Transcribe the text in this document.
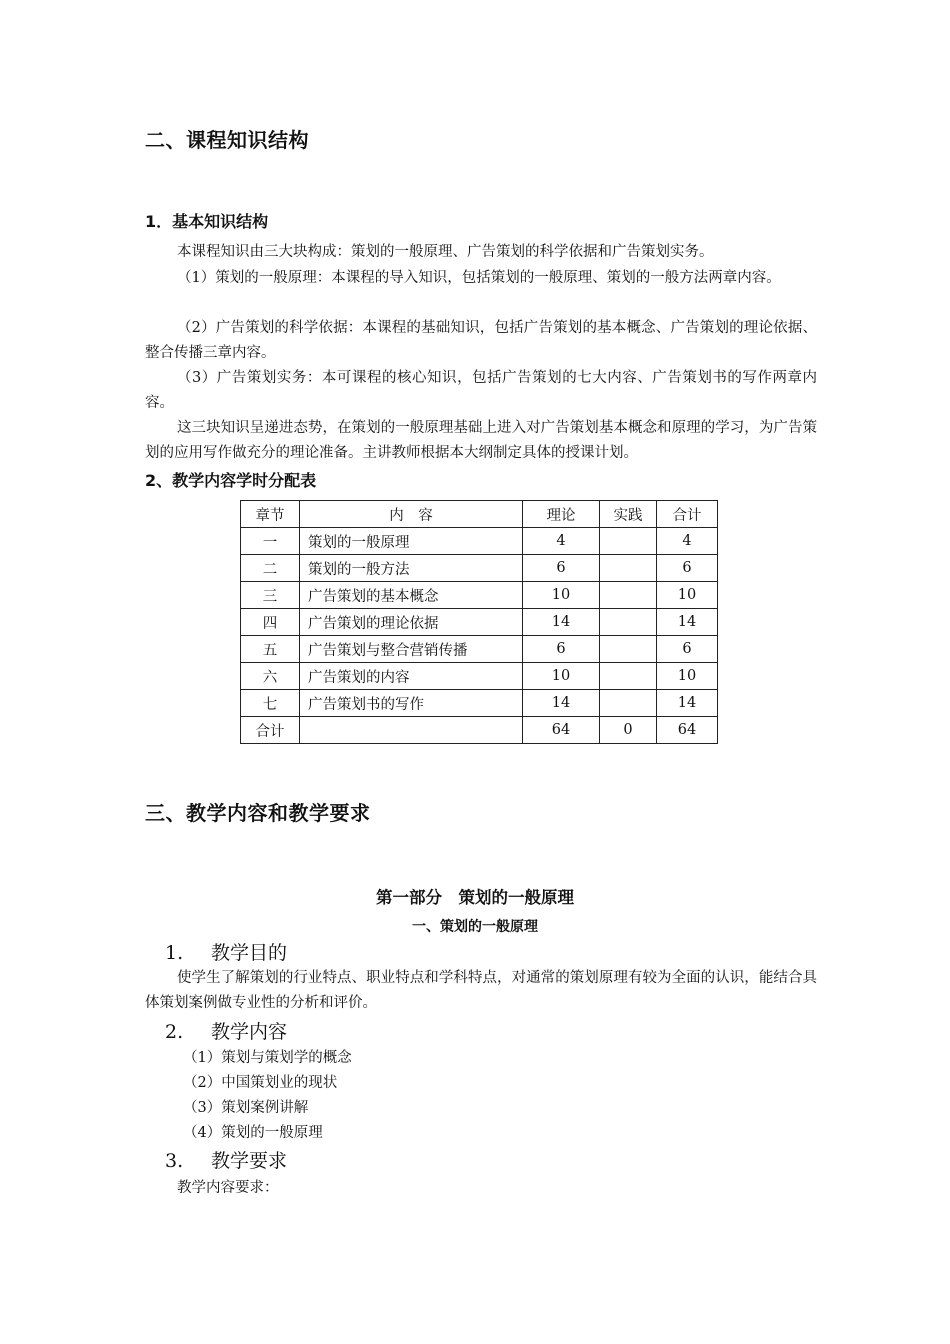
二、课程知识结构
1．基本知识结构

本课程知识由三大块构成：策划的一般原理、广告策划的科学依据和广告策划实务。

（1）策划的一般原理：本课程的导入知识，包括策划的一般原理、策划的一般方法两章内容。

（2）广告策划的科学依据：本课程的基础知识，包括广告策划的基本概念、广告策划的理论依据、整合传播三章内容。

（3）广告策划实务：本可课程的核心知识，包括广告策划的七大内容、广告策划书的写作两章内容。

这三块知识呈递进态势，在策划的一般原理基础上进入对广告策划基本概念和原理的学习，为广告策划的应用写作做充分的理论准备。主讲教师根据本大纲制定具体的授课计划。

2、教学内容学时分配表
章节	内　容	理论	实践	合计
一	策划的一般原理	4		4
二	策划的一般方法	6		6
三	广告策划的基本概念	10		10
四	广告策划的理论依据	14		14
五	广告策划与整合营销传播	6		6
六	广告策划的内容	10		10
七	广告策划书的写作	14		14
合计		64	0	64
三、教学内容和教学要求
第一部分　策划的一般原理
一、策划的一般原理
1. 教学目的

使学生了解策划的行业特点、职业特点和学科特点，对通常的策划原理有较为全面的认识，能结合具体策划案例做专业性的分析和评价。

2. 教学内容
（1）策划与策划学的概念
（2）中国策划业的现状
（3）策划案例讲解
（4）策划的一般原理
3. 教学要求
教学内容要求：
